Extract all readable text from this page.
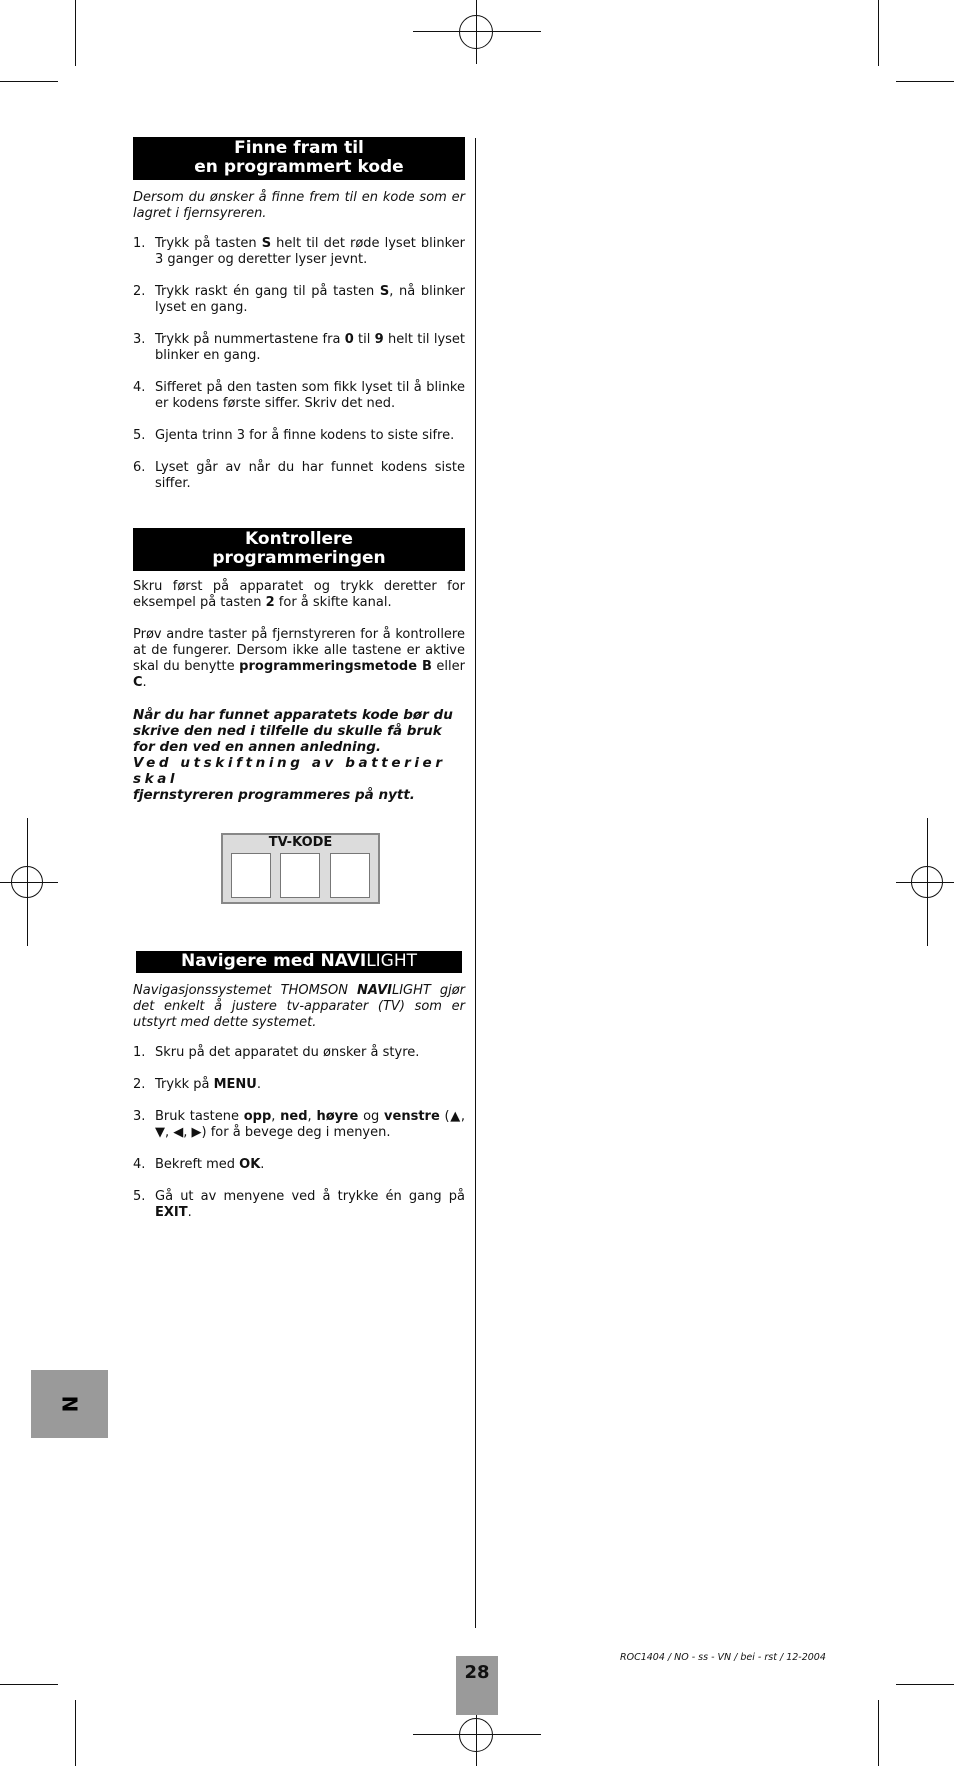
Finne fram til
en programmert kode

Dersom du ønsker å finne frem til en kode som er lagret i fjernsyreren.

1. Trykk på tasten S helt til det røde lyset blinker 3 ganger og deretter lyser jevnt.
2. Trykk raskt én gang til på tasten S, nå blinker lyset en gang.
3. Trykk på nummertastene fra 0 til 9 helt til lyset blinker en gang.
4. Sifferet på den tasten som fikk lyset til å blinke er kodens første siffer. Skriv det ned.
5. Gjenta trinn 3 for å finne kodens to siste sifre.
6. Lyset går av når du har funnet kodens siste siffer.
Kontrollere
programmeringen

Skru først på apparatet og trykk deretter for eksempel på tasten 2 for å skifte kanal.

Prøv andre taster på fjernstyreren for å kontrollere at de fungerer. Dersom ikke alle tastene er aktive skal du benytte programmeringsmetode B eller C.

Når du har funnet apparatets kode bør du skrive den ned i tilfelle du skulle få bruk for den ved en annen anledning.
Ved utskiftning av batterier skal
fjernstyreren programmeres på nytt.

TV-KODE
Navigere med NAVILIGHT

Navigasjonssystemet THOMSON NAVILIGHT gjør det enkelt å justere tv-apparater (TV) som er utstyrt med dette systemet.

1. Skru på det apparatet du ønsker å styre.
2. Trykk på MENU.
3. Bruk tastene opp, ned, høyre og venstre (▲, ▼, ◀, ▶) for å bevege deg i menyen.
4. Bekreft med OK.
5. Gå ut av menyene ved å trykke én gang på EXIT.
N
28
ROC1404 / NO - ss - VN / bei - rst / 12-2004
